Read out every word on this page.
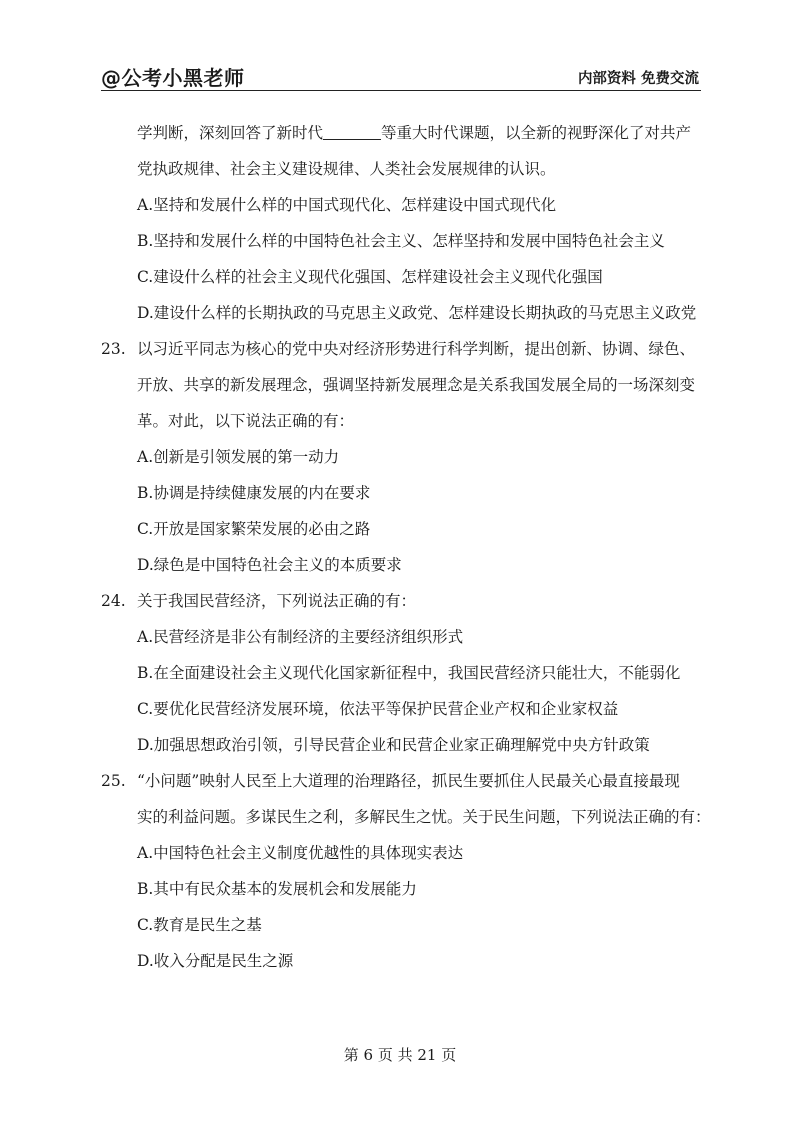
@公考小黑老师	内部资料 免费交流
学判断，深刻回答了新时代	等重大时代课题，以全新的视野深化了对共产
党执政规律、社会主义建设规律、人类社会发展规律的认识。
A.坚持和发展什么样的中国式现代化、怎样建设中国式现代化
B.坚持和发展什么样的中国特色社会主义、怎样坚持和发展中国特色社会主义
C.建设什么样的社会主义现代化强国、怎样建设社会主义现代化强国
D.建设什么样的长期执政的马克思主义政党、怎样建设长期执政的马克思主义政党
23. 以习近平同志为核心的党中央对经济形势进行科学判断，提出创新、协调、绿色、
开放、共享的新发展理念，强调坚持新发展理念是关系我国发展全局的一场深刻变
革。对此，以下说法正确的有：
A.创新是引领发展的第一动力
B.协调是持续健康发展的内在要求
C.开放是国家繁荣发展的必由之路
D.绿色是中国特色社会主义的本质要求
24. 关于我国民营经济，下列说法正确的有：
A.民营经济是非公有制经济的主要经济组织形式
B.在全面建设社会主义现代化国家新征程中，我国民营经济只能壮大，不能弱化
C.要优化民营经济发展环境，依法平等保护民营企业产权和企业家权益
D.加强思想政治引领，引导民营企业和民营企业家正确理解党中央方针政策
25. “小问题”映射人民至上大道理的治理路径，抓民生要抓住人民最关心最直接最现
实的利益问题。多谋民生之利，多解民生之忧。关于民生问题，下列说法正确的有：
A.中国特色社会主义制度优越性的具体现实表达
B.其中有民众基本的发展机会和发展能力
C.教育是民生之基
D.收入分配是民生之源
第 6 页 共 21 页
